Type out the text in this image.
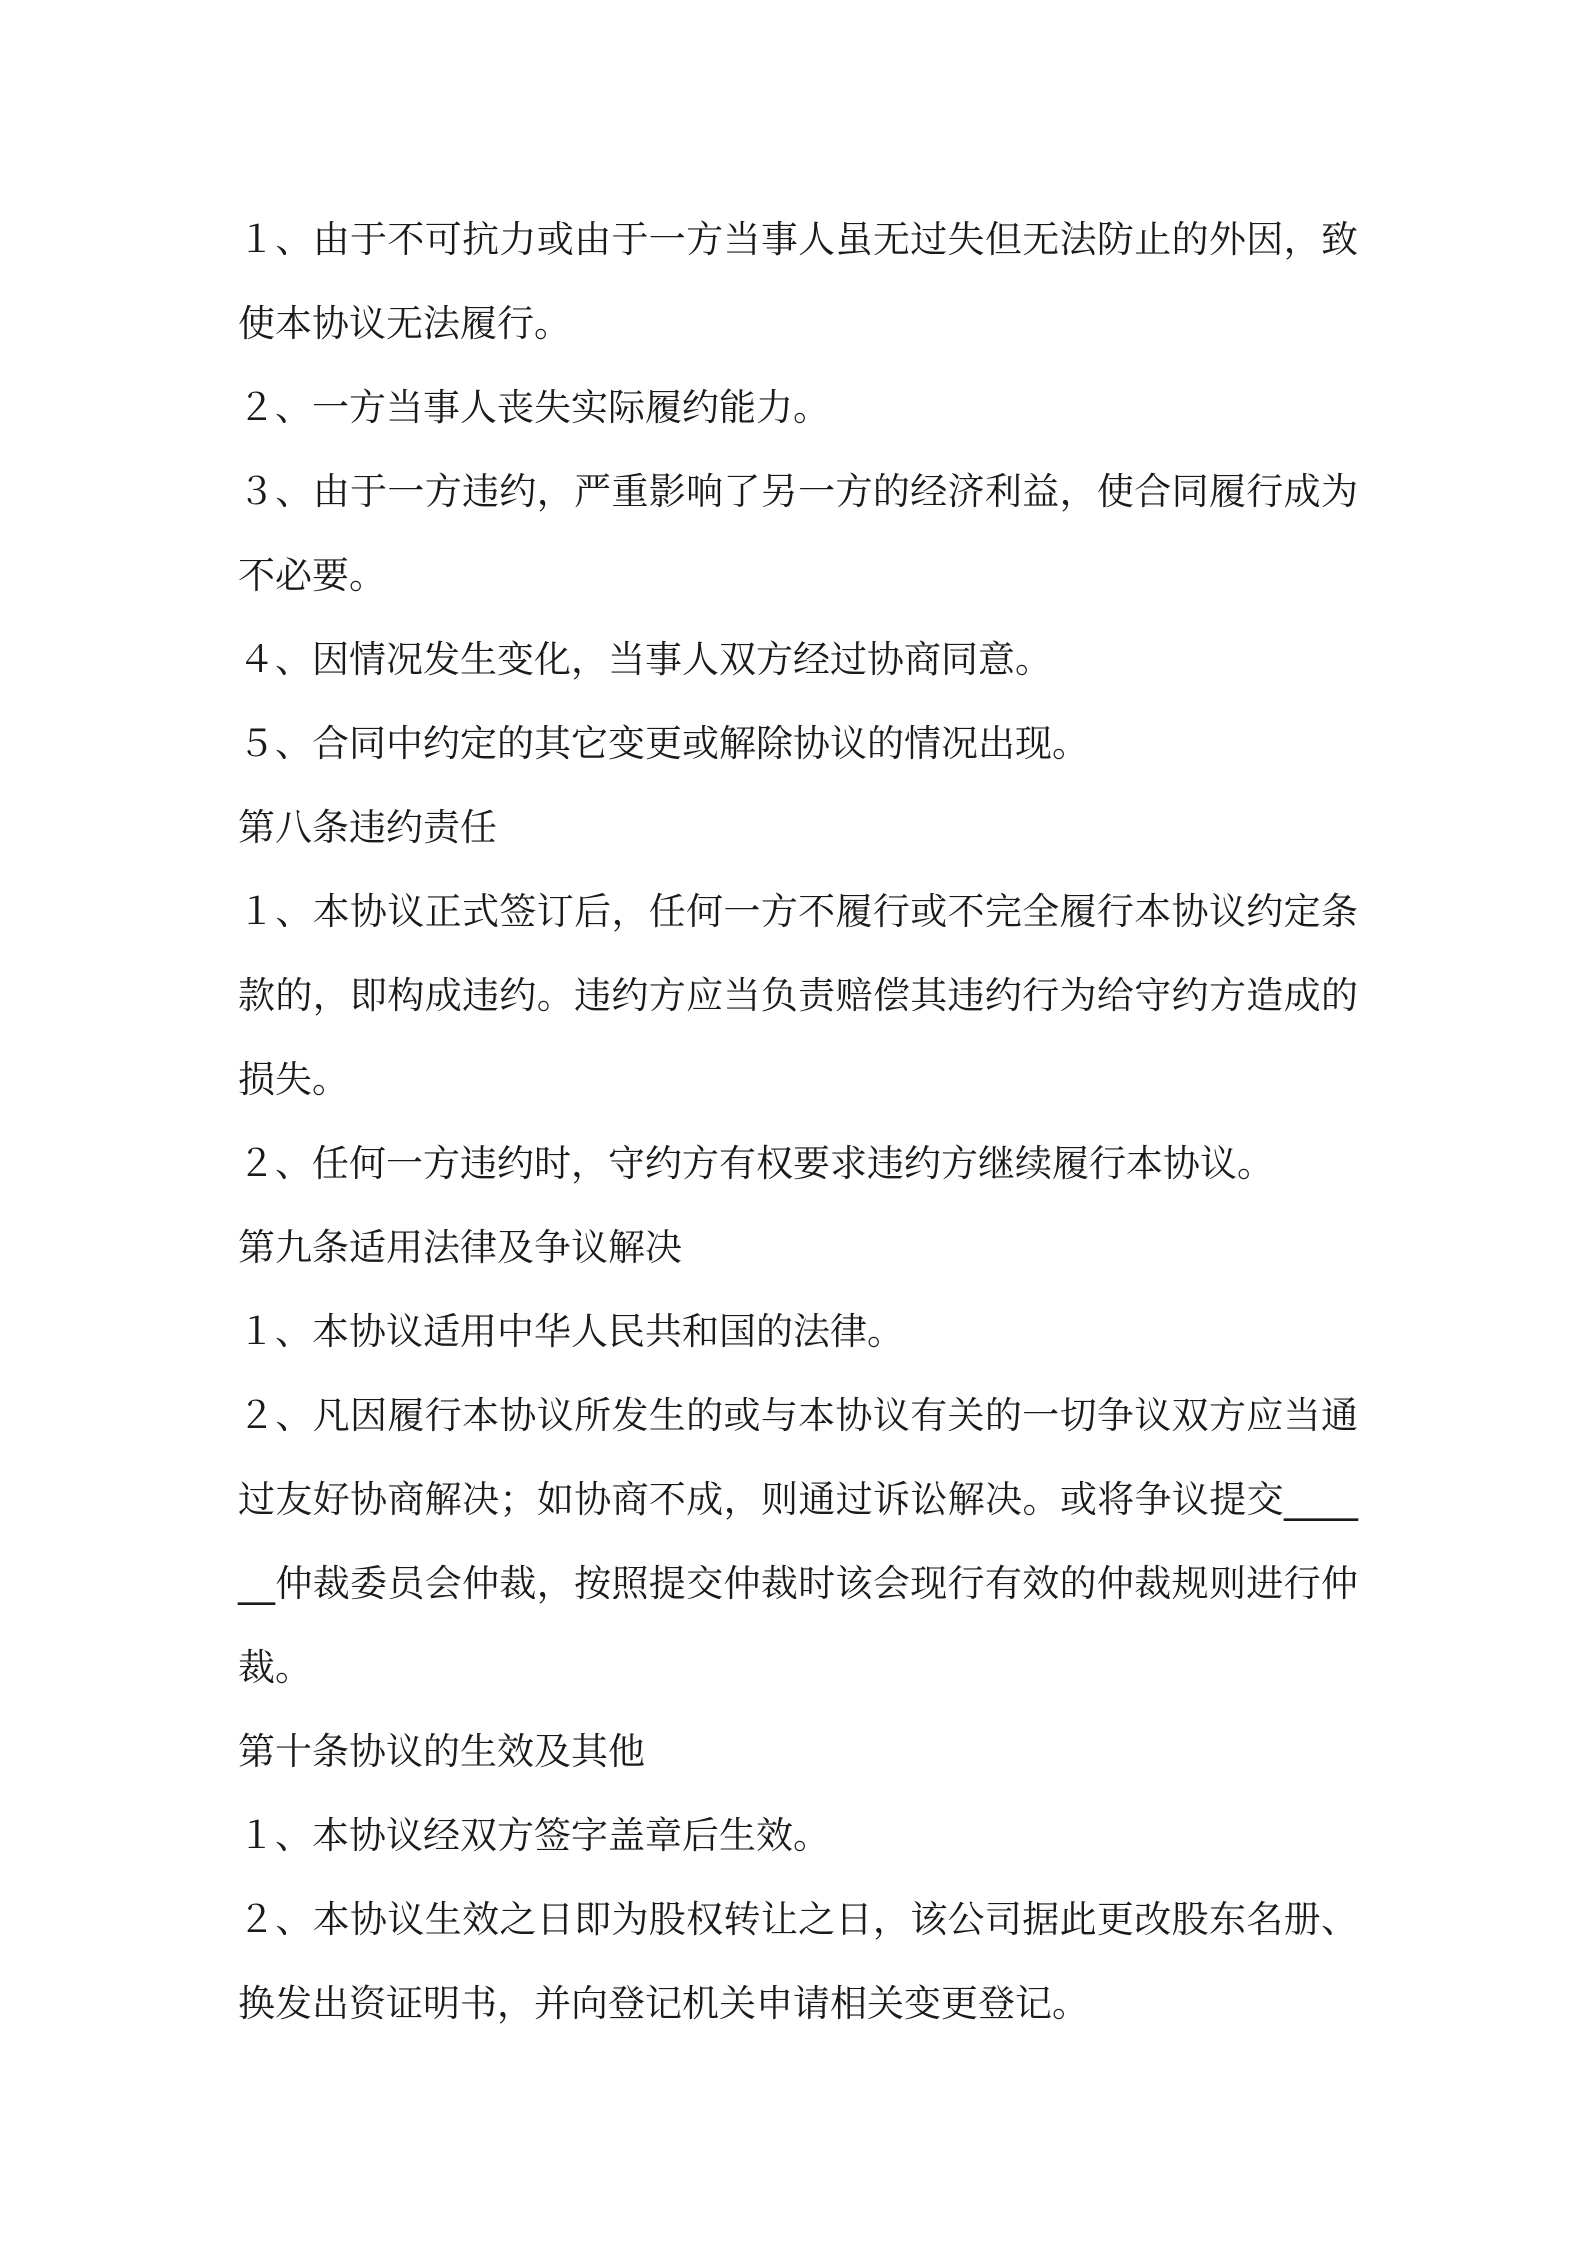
１、由于不可抗力或由于一方当事人虽无过失但无法防止的外因，致使本协议无法履行。

２、一方当事人丧失实际履约能力。

３、由于一方违约，严重影响了另一方的经济利益，使合同履行成为不必要。

４、因情况发生变化，当事人双方经过协商同意。

５、合同中约定的其它变更或解除协议的情况出现。

第八条违约责任

１、本协议正式签订后，任何一方不履行或不完全履行本协议约定条款的，即构成违约。违约方应当负责赔偿其违约行为给守约方造成的损失。

２、任何一方违约时，守约方有权要求违约方继续履行本协议。

第九条适用法律及争议解决

１、本协议适用中华人民共和国的法律。

２、凡因履行本协议所发生的或与本协议有关的一切争议双方应当通过友好协商解决；如协商不成，则通过诉讼解决。或将争议提交______仲裁委员会仲裁，按照提交仲裁时该会现行有效的仲裁规则进行仲裁。

第十条协议的生效及其他

１、本协议经双方签字盖章后生效。

２、本协议生效之日即为股权转让之日，该公司据此更改股东名册、换发出资证明书，并向登记机关申请相关变更登记。
